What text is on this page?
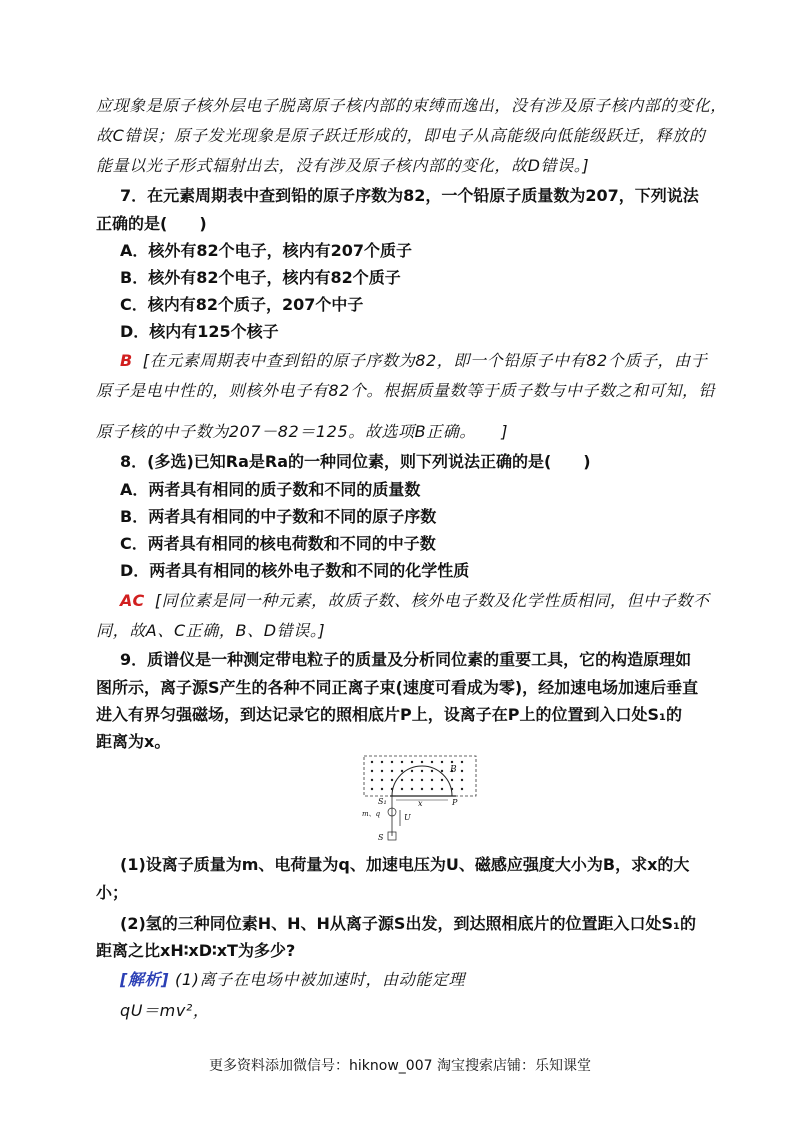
应现象是原子核外层电子脱离原子核内部的束缚而逸出，没有涉及原子核内部的变化，
故C错误；原子发光现象是原子跃迁形成的，即电子从高能级向低能级跃迁，释放的
能量以光子形式辐射出去，没有涉及原子核内部的变化，故D错误。]
7．在元素周期表中查到铅的原子序数为82，一个铅原子质量数为207，下列说法
正确的是(　　)
A．核外有82个电子，核内有207个质子
B．核外有82个电子，核内有82个质子
C．核内有82个质子，207个中子
D．核内有125个核子
B [在元素周期表中查到铅的原子序数为82，即一个铅原子中有82个质子，由于
原子是电中性的，则核外电子有82个。根据质量数等于质子数与中子数之和可知，铅
原子核的中子数为207－82＝125。故选项B正确。　　]
8．(多选)已知Ra是Ra的一种同位素，则下列说法正确的是(　　)
A．两者具有相同的质子数和不同的质量数
B．两者具有相同的中子数和不同的原子序数
C．两者具有相同的核电荷数和不同的中子数
D．两者具有相同的核外电子数和不同的化学性质
AC [同位素是同一种元素，故质子数、核外电子数及化学性质相同，但中子数不
同，故A、C正确，B、D错误。]
9．质谱仪是一种测定带电粒子的质量及分析同位素的重要工具，它的构造原理如
图所示，离子源S产生的各种不同正离子束(速度可看成为零)，经加速电场加速后垂直
进入有界匀强磁场，到达记录它的照相底片P上，设离子在P上的位置到入口处S₁的
距离为x。
B
S₁	x	P
m、q	U
S
(1)设离子质量为m、电荷量为q、加速电压为U、磁感应强度大小为B，求x的大
小；
(2)氢的三种同位素H、H、H从离子源S出发，到达照相底片的位置距入口处S₁的
距离之比xH∶xD∶xT为多少?
[解析] (1)离子在电场中被加速时，由动能定理
qU＝mv²，
更多资料添加微信号：hiknow_007 淘宝搜索店铺：乐知课堂
